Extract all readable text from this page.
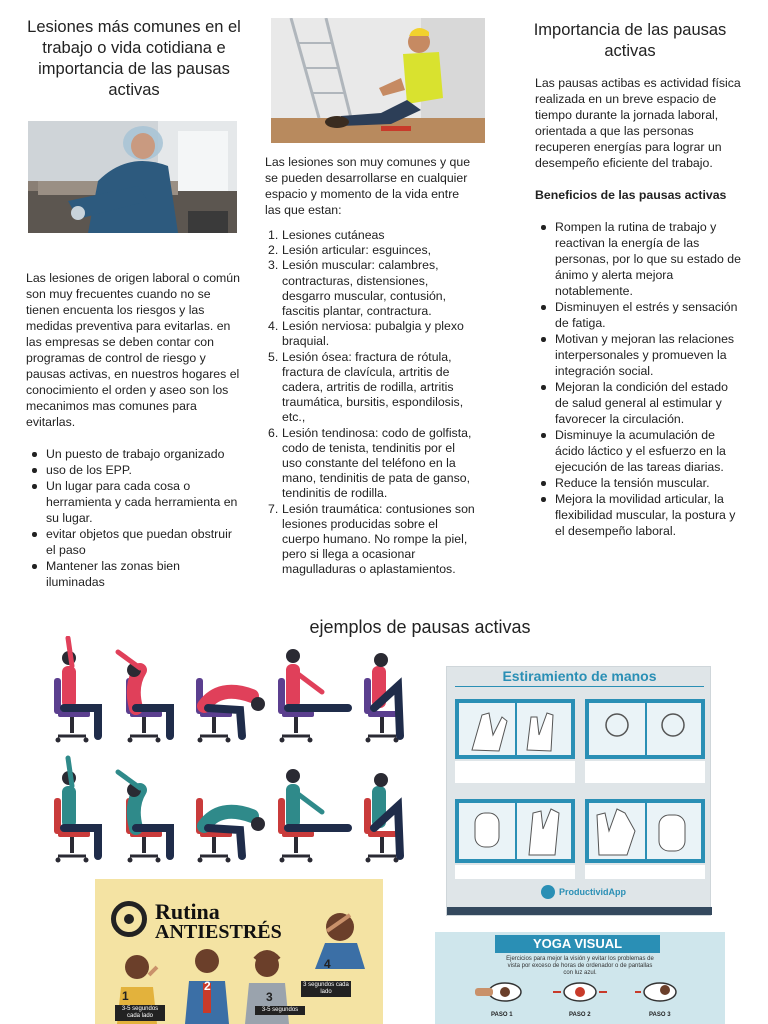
Lesiones más comunes en el trabajo o vida cotidiana e importancia de las pausas activas
Las lesiones de origen laboral o común son muy frecuentes cuando no se tienen encuenta los riesgos y las medidas preventiva para evitarlas. en las empresas se deben contar con programas de control de riesgo y pausas activas, en nuestros hogares el conocimiento el orden y aseo son los mecanimos mas comunes para evitarlas.
Un puesto de trabajo organizado
uso de los EPP.
Un lugar para cada cosa o herramienta y cada herramienta en su lugar.
evitar objetos que puedan obstruir el paso
Mantener las zonas bien iluminadas
Las lesiones son muy comunes y que se pueden desarrollarse en cualquier espacio y momento de la vida entre las que estan:
1. Lesiones cutáneas
2. Lesión articular: esguinces,
3. Lesión muscular: calambres, contracturas, distensiones, desgarro muscular, contusión, fascitis plantar, contractura.
4. Lesión nerviosa: pubalgia y plexo braquial.
5. Lesión ósea: fractura de rótula, fractura de clavícula, artritis de cadera, artritis de rodilla, artritis traumática, bursitis, espondilosis, etc.,
6. Lesión tendinosa: codo de golfista, codo de tenista, tendinitis por el uso constante del teléfono en la mano, tendinitis de pata de ganso, tendinitis de rodilla.
7. Lesión traumática: contusiones son lesiones producidas sobre el cuerpo humano. No rompe la piel, pero si llega a ocasionar magulladuras o aplastamientos.
Importancia de las pausas activas
Las pausas actibas es actividad física realizada en un breve espacio de tiempo durante la jornada laboral, orientada a que las personas recuperen energías para lograr un desempeño eficiente del trabajo.
Beneficios de las pausas activas
Rompen la rutina de trabajo y reactivan la energía de las personas, por lo que su estado de ánimo y alerta mejora notablemente.
Disminuyen el estrés y sensación de fatiga.
Motivan y mejoran las relaciones interpersonales y promueven la integración social.
Mejoran la condición del estado de salud general al estimular y favorecer la circulación.
Disminuye la acumulación de ácido láctico y el esfuerzo en la ejecución de las tareas diarias.
Reduce la tensión muscular.
Mejora la movilidad articular, la flexibilidad muscular, la postura y el desempeño laboral.
ejemplos de pausas activas
Estiramiento de manos
ProductividApp
Rutina
ANTIESTRÉS
1
2
3
4
3-5 segundos cada lado
3-5 segundos
3 segundos cada lado
YOGA VISUAL
Ejercicios para mejor la visión y evitar los problemas de vista por exceso de horas de ordenador o de pantallas con luz azul.
PASO 1	PASO 2	PASO 3
